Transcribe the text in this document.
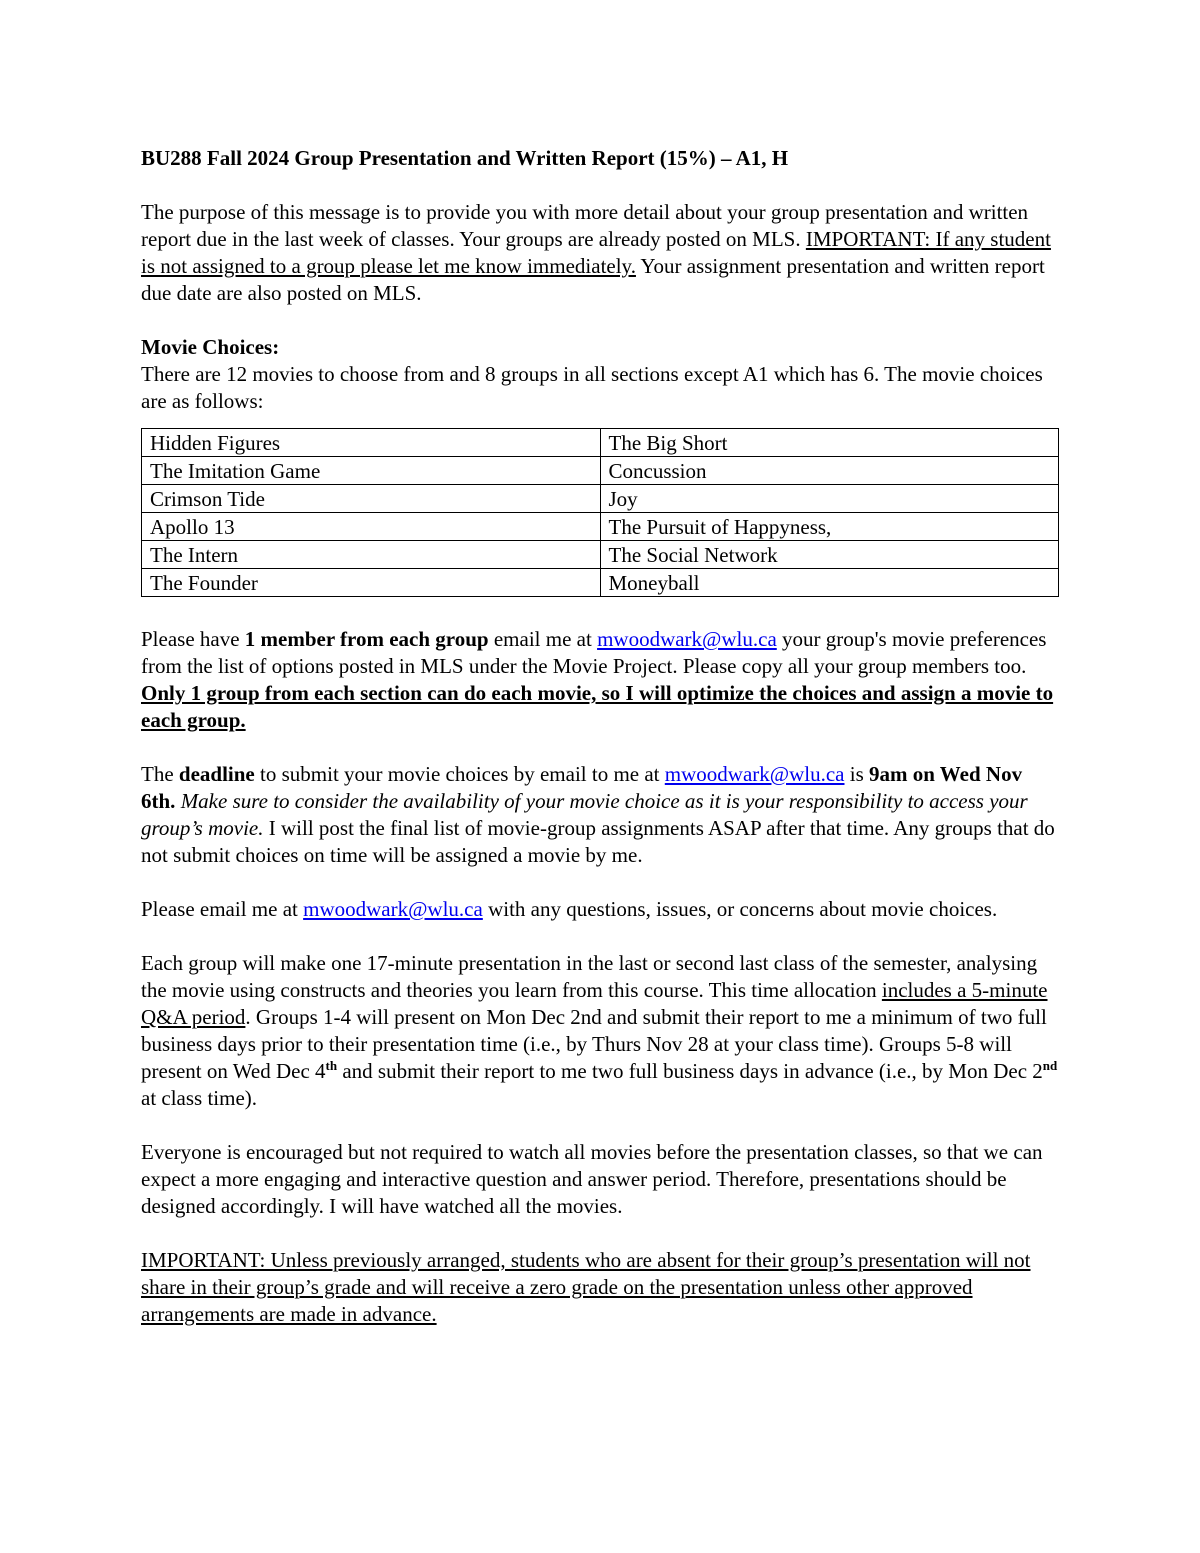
BU288 Fall 2024 Group Presentation and Written Report (15%) – A1, H

The purpose of this message is to provide you with more detail about your group presentation and written report due in the last week of classes. Your groups are already posted on MLS. IMPORTANT: If any student is not assigned to a group please let me know immediately. Your assignment presentation and written report due date are also posted on MLS.

Movie Choices:

There are 12 movies to choose from and 8 groups in all sections except A1 which has 6. The movie choices are as follows:

Hidden Figures	The Big Short
The Imitation Game	Concussion
Crimson Tide	Joy
Apollo 13	The Pursuit of Happyness,
The Intern	The Social Network
The Founder	Moneyball

Please have 1 member from each group email me at mwoodwark@wlu.ca your group's movie preferences from the list of options posted in MLS under the Movie Project. Please copy all your group members too. Only 1 group from each section can do each movie, so I will optimize the choices and assign a movie to each group.

The deadline to submit your movie choices by email to me at mwoodwark@wlu.ca is 9am on Wed Nov 6th. Make sure to consider the availability of your movie choice as it is your responsibility to access your group’s movie. I will post the final list of movie-group assignments ASAP after that time. Any groups that do not submit choices on time will be assigned a movie by me.

Please email me at mwoodwark@wlu.ca with any questions, issues, or concerns about movie choices.

Each group will make one 17-minute presentation in the last or second last class of the semester, analysing the movie using constructs and theories you learn from this course. This time allocation includes a 5-minute Q&A period. Groups 1-4 will present on Mon Dec 2nd and submit their report to me a minimum of two full business days prior to their presentation time (i.e., by Thurs Nov 28 at your class time). Groups 5-8 will present on Wed Dec 4th and submit their report to me two full business days in advance (i.e., by Mon Dec 2nd at class time).

Everyone is encouraged but not required to watch all movies before the presentation classes, so that we can expect a more engaging and interactive question and answer period. Therefore, presentations should be designed accordingly. I will have watched all the movies.

IMPORTANT: Unless previously arranged, students who are absent for their group’s presentation will not share in their group’s grade and will receive a zero grade on the presentation unless other approved arrangements are made in advance.
